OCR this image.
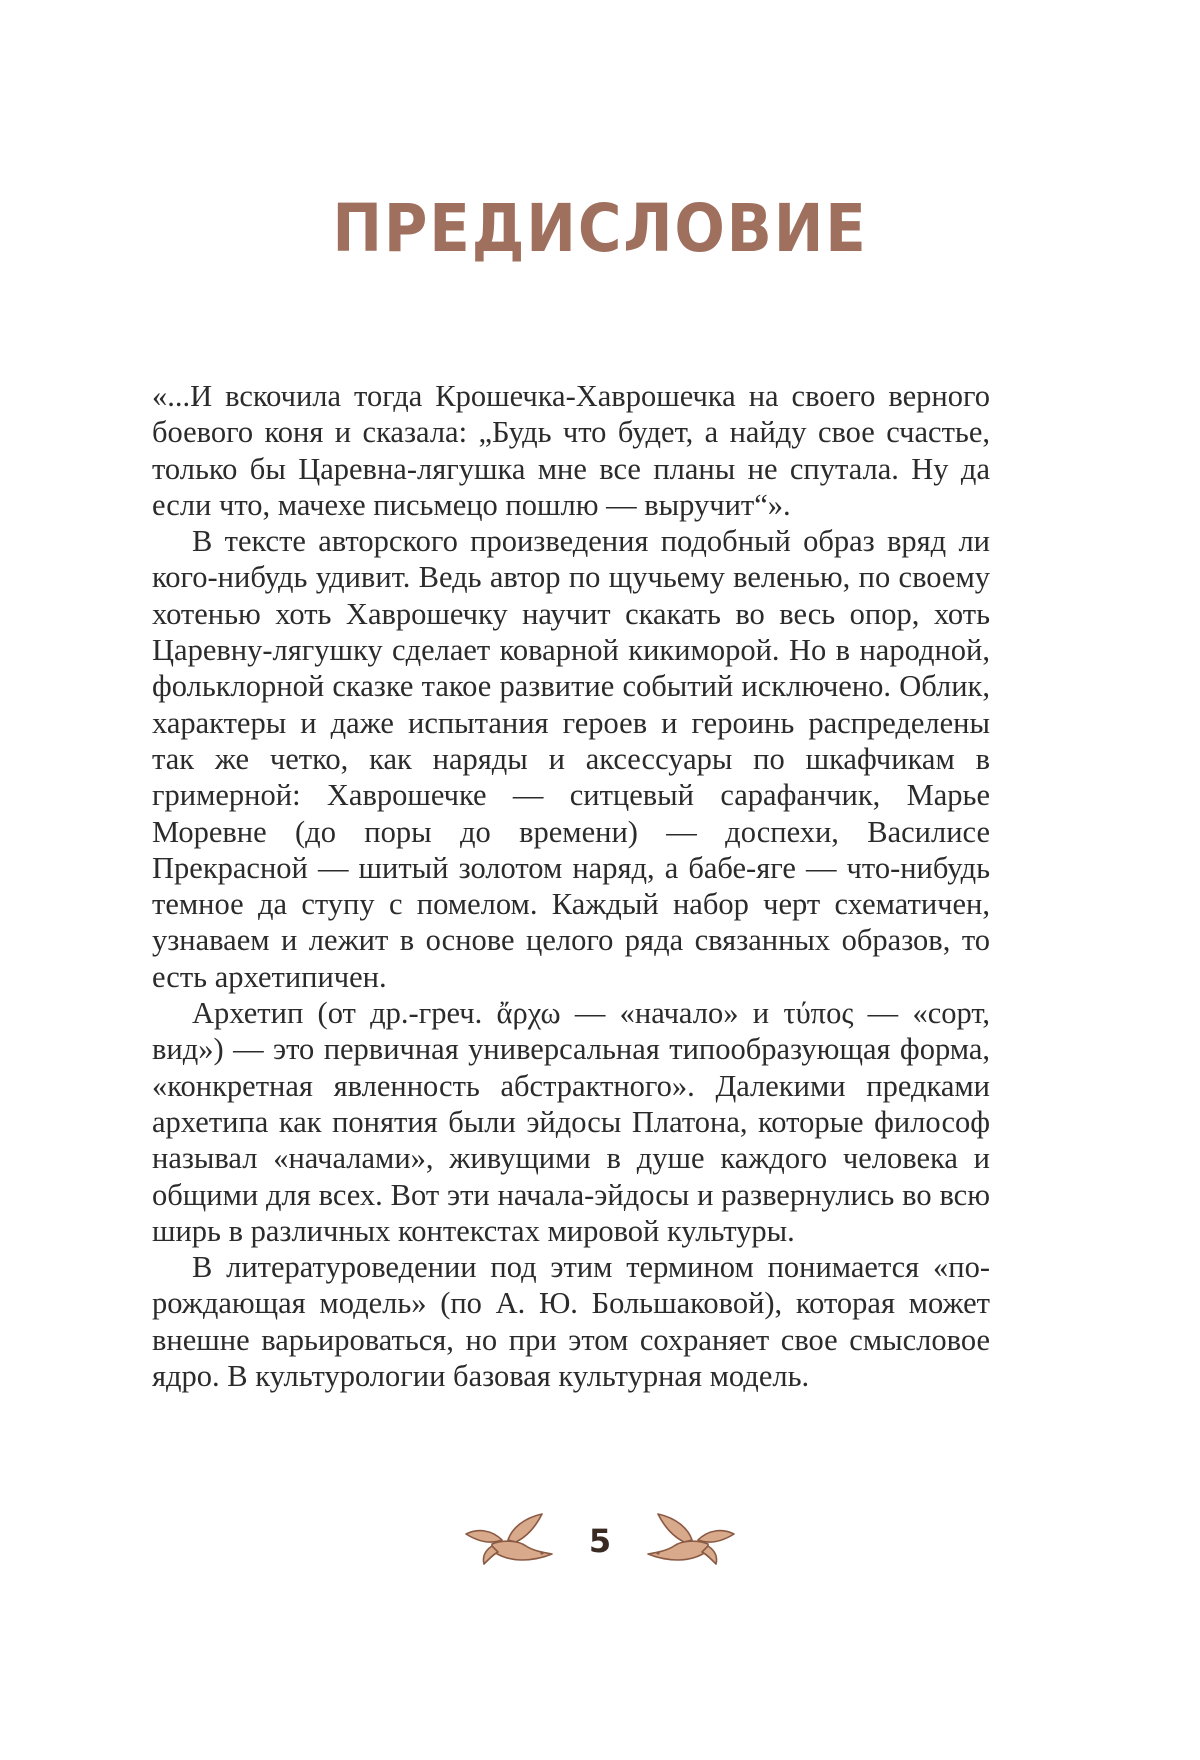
ПРЕДИСЛОВИЕ

«...И вскочила тогда Крошечка-Хаврошечка на своего верного боевого коня и сказала: „Будь что будет, а найду свое счастье, только бы Царевна-лягушка мне все планы не спутала. Ну да если что, мачехе письмецо пошлю — выручит“».

В тексте авторского произведения подобный образ вряд ли кого-нибудь удивит. Ведь автор по щучьему веленью, по своему хотенью хоть Хаврошечку научит скакать во весь опор, хоть Царевну-лягушку сделает коварной кикиморой. Но в народной, фольклорной сказке такое развитие событий исключено. Облик, характеры и даже испытания героев и героинь распределены так же четко, как наряды и аксессуары по шкафчикам в гримерной: Хаврошечке — ситцевый сарафанчик, Марье Моревне (до поры до времени) — доспехи, Василисе Прекрасной — шитый золотом наряд, а бабе-яге — что-нибудь темное да ступу с помелом. Каждый набор черт схематичен, узнаваем и лежит в основе целого ряда связанных образов, то есть архетипичен.

Архетип (от др.-греч. ἄρχω — «начало» и τύπος — «сорт, вид») — это первичная универсальная типообразующая форма, «конкретная явленность абстрактного». Далекими предками архетипа как понятия были эйдосы Платона, которые философ называл «началами», живущими в душе каждого человека и общими для всех. Вот эти начала-эйдосы и развернулись во всю ширь в различных контекстах мировой культуры.

В литературоведении под этим термином понимается «порождающая модель» (по А. Ю. Большаковой), которая может внешне варьироваться, но при этом сохраняет свое смысловое ядро. В культурологии базовая культурная модель.

5
